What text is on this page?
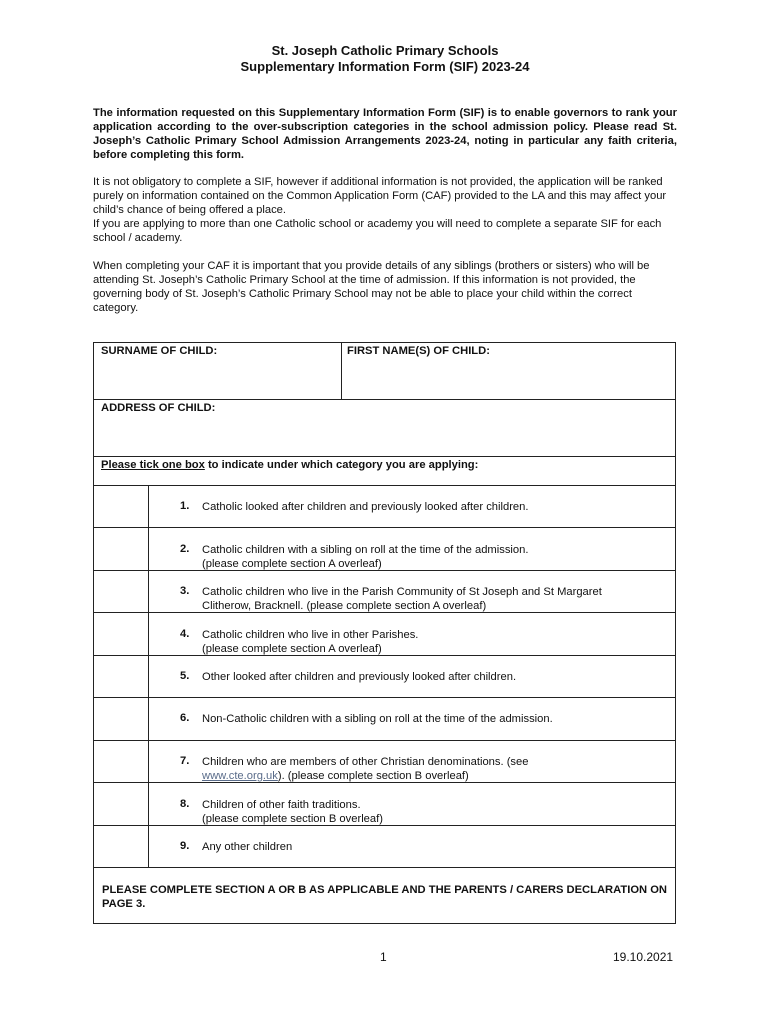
St. Joseph Catholic Primary Schools
Supplementary Information Form (SIF) 2023-24
The information requested on this Supplementary Information Form (SIF) is to enable governors to rank your application according to the over-subscription categories in the school admission policy. Please read St. Joseph’s Catholic Primary School Admission Arrangements 2023-24, noting in particular any faith criteria, before completing this form.
It is not obligatory to complete a SIF, however if additional information is not provided, the application will be ranked purely on information contained on the Common Application Form (CAF) provided to the LA and this may affect your child’s chance of being offered a place.
If you are applying to more than one Catholic school or academy you will need to complete a separate SIF for each school / academy.
When completing your CAF it is important that you provide details of any siblings (brothers or sisters) who will be attending St. Joseph’s Catholic Primary School at the time of admission. If this information is not provided, the governing body of St. Joseph’s Catholic Primary School may not be able to place your child within the correct category.
SURNAME OF CHILD:	FIRST NAME(S) OF CHILD:
ADDRESS OF CHILD:
Please tick one box to indicate under which category you are applying:
1.	Catholic looked after children and previously looked after children.
2.	Catholic children with a sibling on roll at the time of the admission.
(please complete section A overleaf)
3.	Catholic children who live in the Parish Community of St Joseph and St Margaret
Clitherow, Bracknell. (please complete section A overleaf)
4.	Catholic children who live in other Parishes.
(please complete section A overleaf)
5.	Other looked after children and previously looked after children.
6.	Non-Catholic children with a sibling on roll at the time of the admission.
7.	Children who are members of other Christian denominations. (see
www.cte.org.uk). (please complete section B overleaf)
8.	Children of other faith traditions.
(please complete section B overleaf)
9.	Any other children
PLEASE COMPLETE SECTION A OR B AS APPLICABLE AND THE PARENTS / CARERS DECLARATION ON PAGE 3.
1	19.10.2021
